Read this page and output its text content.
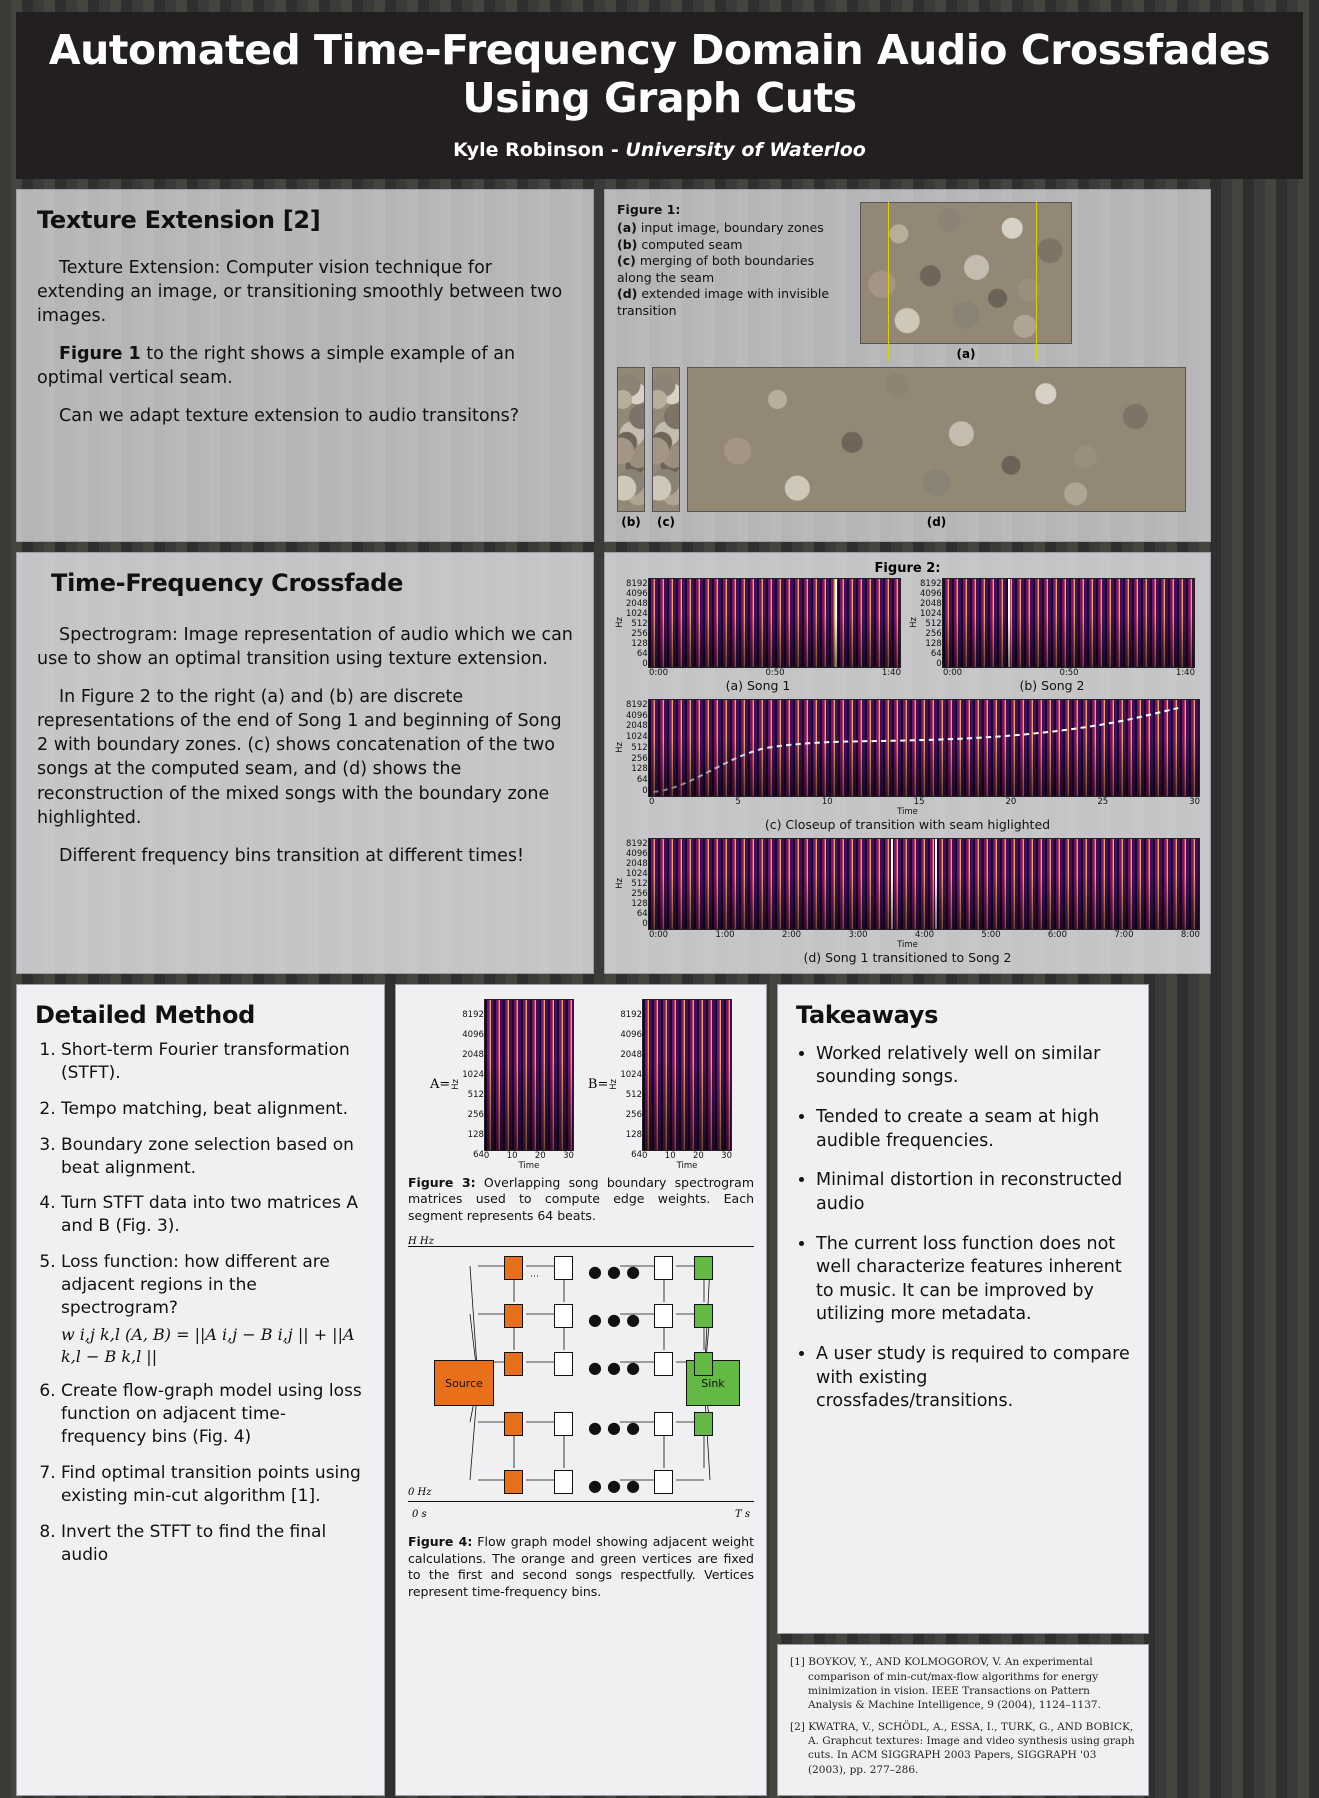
Automated Time-Frequency Domain Audio Crossfades Using Graph Cuts
Kyle Robinson - University of Waterloo
Texture Extension [2]

Texture Extension: Computer vision technique for extending an image, or transitioning smoothly between two images.

Figure 1 to the right shows a simple example of an optimal vertical seam.

Can we adapt texture extension to audio transitons?

Figure 1:
(a) input image, boundary zones
(b) computed seam
(c) merging of both boundaries along the seam
(d) extended image with invisible transition
(a)
(b)	(c)	(d)
Time-Frequency Crossfade

Spectrogram: Image representation of audio which we can use to show an optimal transition using texture extension.

In Figure 2 to the right (a) and (b) are discrete representations of the end of Song 1 and beginning of Song 2 with boundary zones. (c) shows concatenation of the two songs at the computed seam, and (d) shows the reconstruction of the mixed songs with the boundary zone highlighted.

Different frequency bins transition at different times!

Figure 2:
Hz
8192
4096
2048
1024
512
256
128
64
0
0:00	0:50	1:40
(a) Song 1
Hz
8192
4096
2048
1024
512
256
128
64
0
0:00	0:50	1:40
(b) Song 2
Hz
8192
4096
2048
1024
512
256
128
64
0
0	5	10	15	20	25	30
Time
(c) Closeup of transition with seam higlighted
Hz
8192
4096
2048
1024
512
256
128
64
0
0:00	1:00	2:00	3:00	4:00	5:00	6:00	7:00	8:00
Time
(d) Song 1 transitioned to Song 2
Detailed Method
1. Short-term Fourier transformation (STFT).
2. Tempo matching, beat alignment.
3. Boundary zone selection based on beat alignment.
4. Turn STFT data into two matrices A and B (Fig. 3).
5. Loss function: how different are adjacent regions in the spectrogram?
w i,j k,l (A, B) = ||A i,j − B i,j || + ||A k,l − B k,l ||
6. Create flow-graph model using loss function on adjacent time-frequency bins (Fig. 4)
7. Find optimal transition points using existing min-cut algorithm [1].
8. Invert the STFT to find the final audio
A= Hz
8192
4096
2048
1024
512
256
128
64 0 10 20 30
Time
B= Hz
8192
4096
2048
1024
512
256
128
64 0 10 20 30
Time
Figure 3: Overlapping song boundary spectrogram matrices used to compute edge weights. Each segment represents 64 beats.
H Hz
0 Hz
0 s	T s
Source	Sink
⋯	● ● ●
● ● ●
● ● ●
● ● ●
● ● ●
Figure 4: Flow graph model showing adjacent weight calculations. The orange and green vertices are fixed to the first and second songs respectfully. Vertices represent time-frequency bins.
Takeaways
• Worked relatively well on similar sounding songs.
• Tended to create a seam at high audible frequencies.
• Minimal distortion in reconstructed audio
• The current loss function does not well characterize features inherent to music. It can be improved by utilizing more metadata.
• A user study is required to compare with existing crossfades/transitions.

[1] BOYKOV, Y., AND KOLMOGOROV, V. An experimental comparison of min-cut/max-flow algorithms for energy minimization in vision. IEEE Transactions on Pattern Analysis & Machine Intelligence, 9 (2004), 1124–1137.

[2] KWATRA, V., SCHÖDL, A., ESSA, I., TURK, G., AND BOBICK, A. Graphcut textures: Image and video synthesis using graph cuts. In ACM SIGGRAPH 2003 Papers, SIGGRAPH '03 (2003), pp. 277–286.
